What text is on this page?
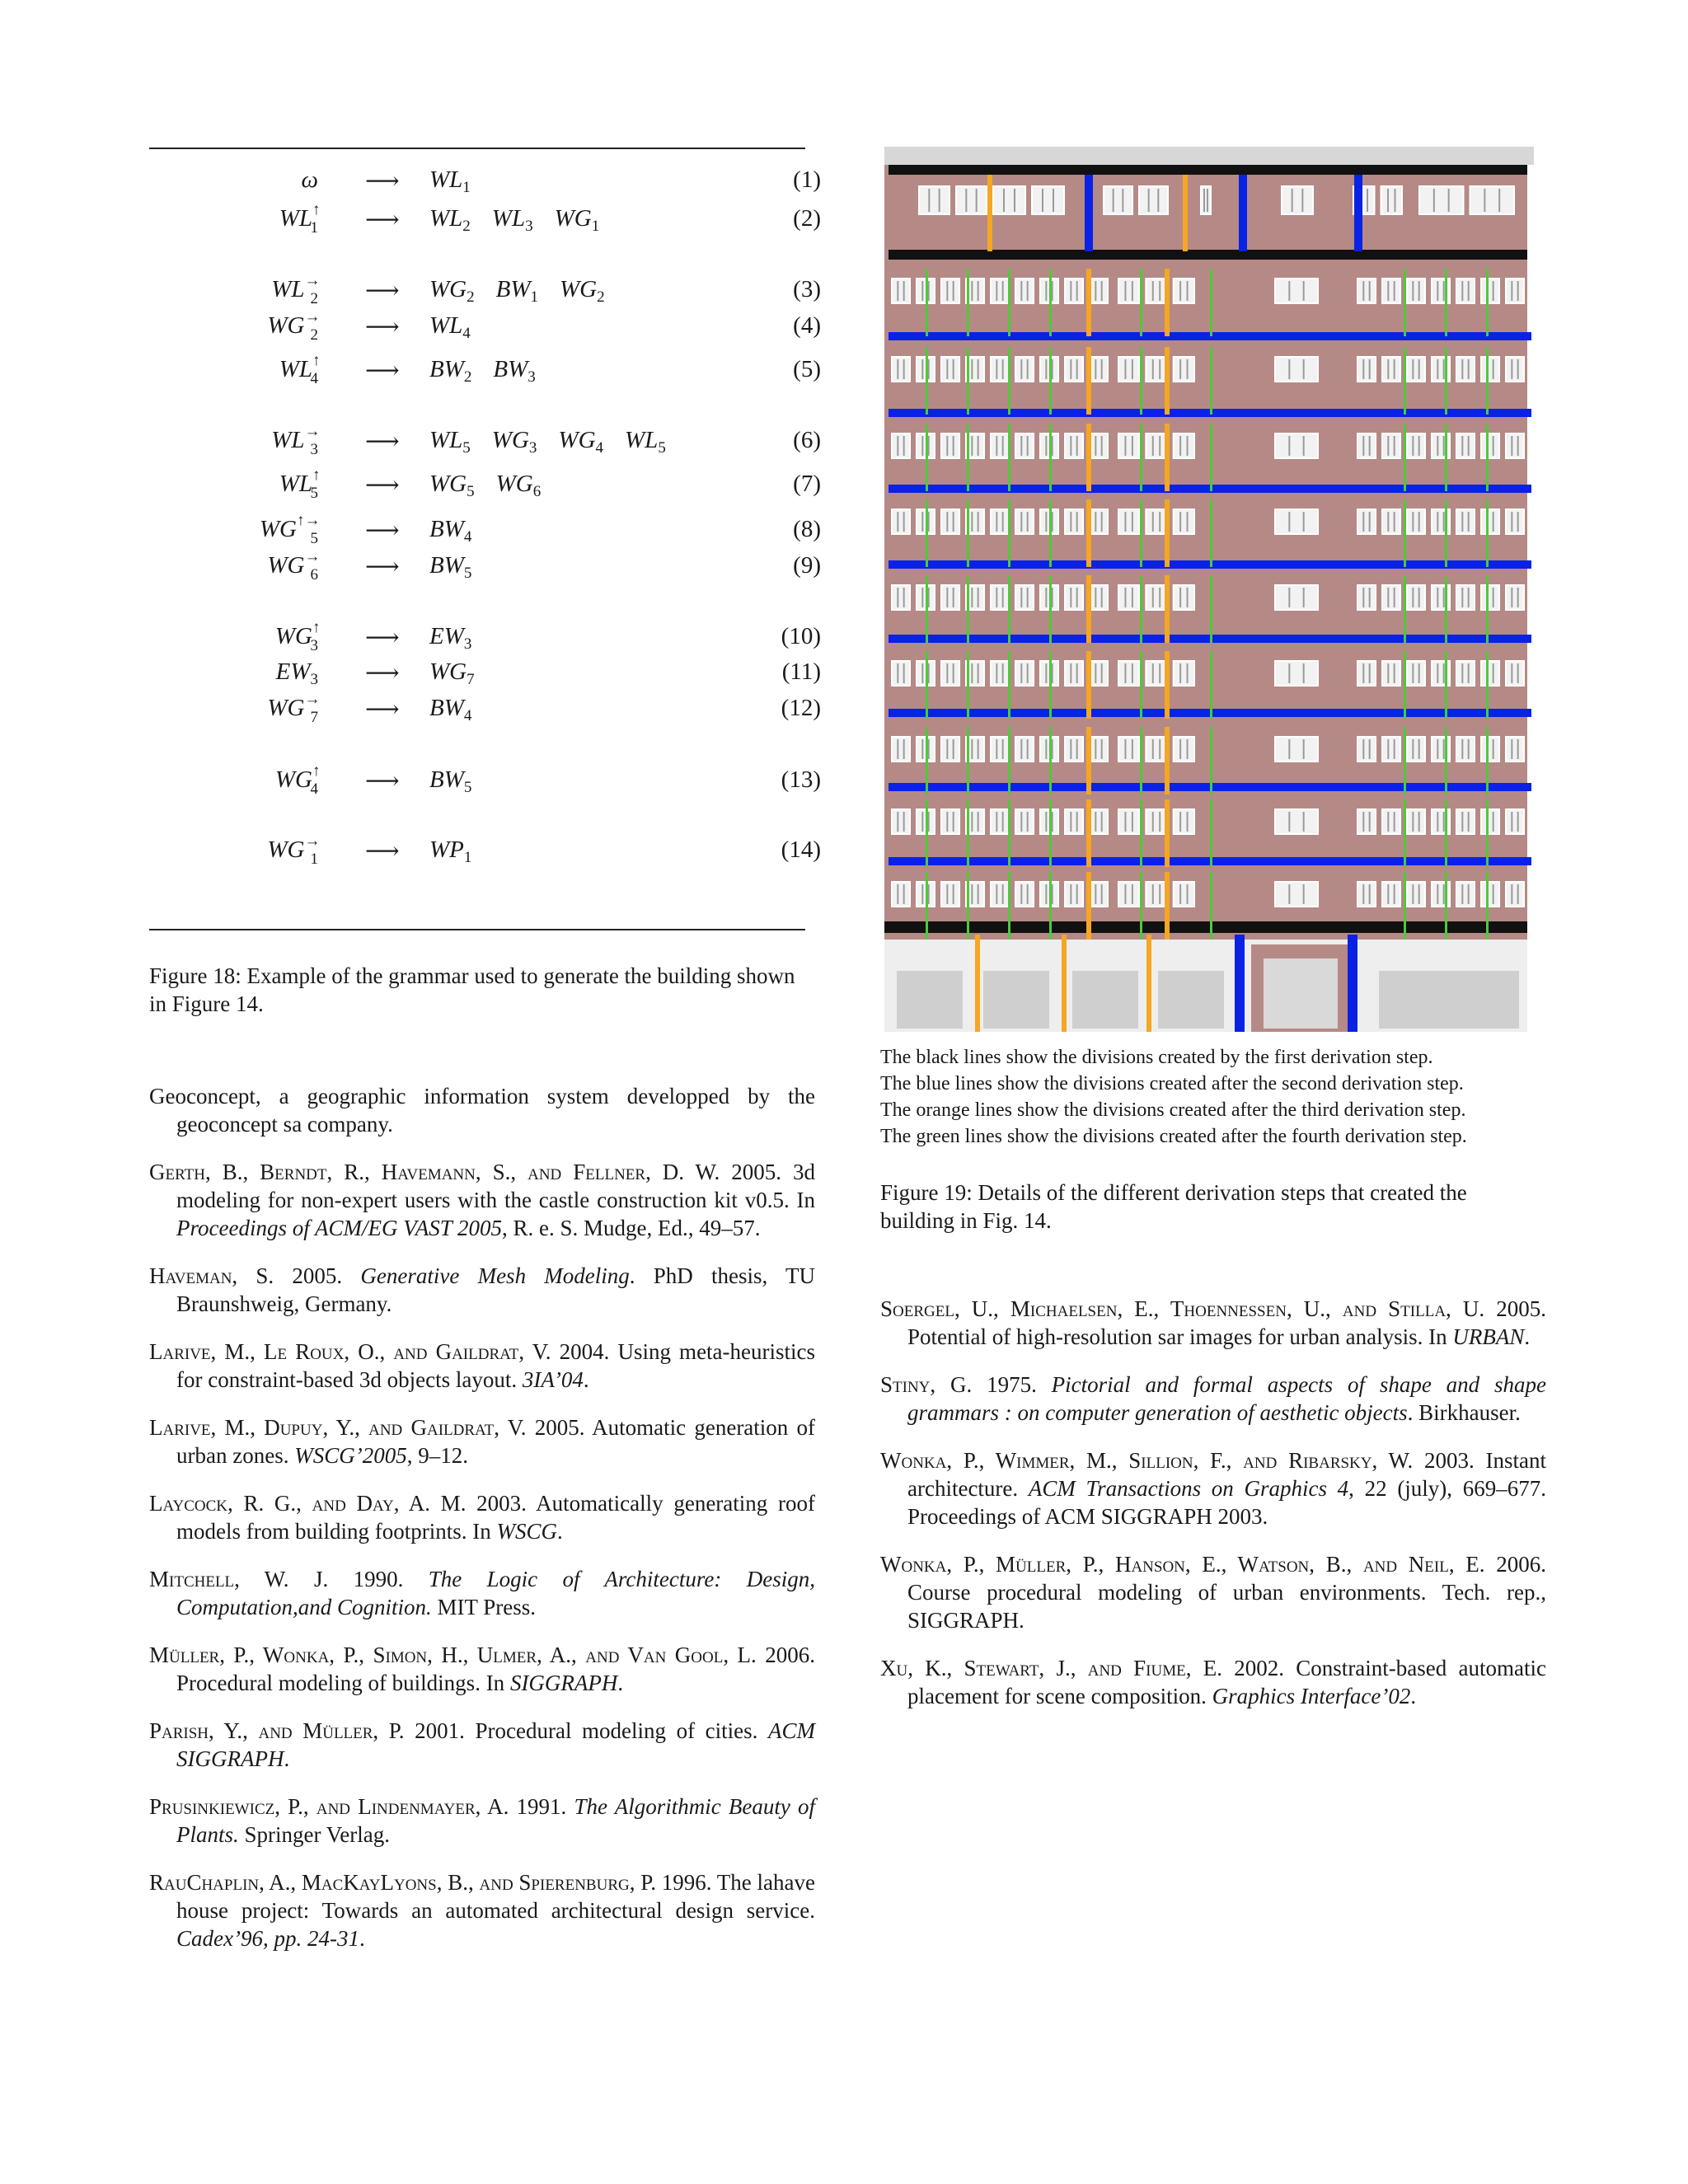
ω ⟶ $WL_1$	(1)
$WL^↑_1$ ⟶ $WL_2$ $WL_3$ $WG_1$	(2)
$WL^\to_2$ ⟶ $WG_2$ $BW_1$ $WG_2$	(3)
$WG^\to_2$ ⟶ $WL_4$	(4)
$WL^↑_4$ ⟶ $BW_2$ $BW_3$	(5)
$WL^\to_3$ ⟶ $WL_5$ $WG_3$ $WG_4$ $WL_5$	(6)
$WL^↑_5$ ⟶ $WG_5$ $WG_6$	(7)
$WG^{↑\to}_5$ ⟶ $BW_4$	(8)
$WG^\to_6$ ⟶ $BW_5$	(9)
$WG^↑_3$ ⟶ $EW_3$	(10)
$EW_3$ ⟶ $WG_7$	(11)
$WG^\to_7$ ⟶ $BW_4$	(12)
$WG^↑_4$ ⟶ $BW_5$	(13)
$WG^\to_1$ ⟶ $WP_1$	(14)
Figure 18: Example of the grammar used to generate the building shown in Figure 14.
The black lines show the divisions created by the first derivation step.
The blue lines show the divisions created after the second derivation step.
The orange lines show the divisions created after the third derivation step.
The green lines show the divisions created after the fourth derivation step.
Figure 19: Details of the different derivation steps that created the building in Fig. 14.

Geoconcept, a geographic information system developped by the geoconcept sa company.

Gerth, B., Berndt, R., Havemann, S., and Fellner, D. W. 2005. 3d modeling for non-expert users with the castle construction kit v0.5. In Proceedings of ACM/EG VAST 2005, R. e. S. Mudge, Ed., 49–57.

Haveman, S. 2005. Generative Mesh Modeling. PhD thesis, TU Braunshweig, Germany.

Larive, M., Le Roux, O., and Gaildrat, V. 2004. Using meta-heuristics for constraint-based 3d objects layout. 3IA’04.

Larive, M., Dupuy, Y., and Gaildrat, V. 2005. Automatic generation of urban zones. WSCG’2005, 9–12.

Laycock, R. G., and Day, A. M. 2003. Automatically generating roof models from building footprints. In WSCG.

Mitchell, W. J. 1990. The Logic of Architecture: Design, Computation,and Cognition. MIT Press.

Müller, P., Wonka, P., Simon, H., Ulmer, A., and Van Gool, L. 2006. Procedural modeling of buildings. In SIGGRAPH.

Parish, Y., and Müller, P. 2001. Procedural modeling of cities. ACM SIGGRAPH.

Prusinkiewicz, P., and Lindenmayer, A. 1991. The Algorithmic Beauty of Plants. Springer Verlag.

RauChaplin, A., MacKayLyons, B., and Spierenburg, P. 1996. The lahave house project: Towards an automated architectural design service. Cadex’96, pp. 24-31.

Soergel, U., Michaelsen, E., Thoennessen, U., and Stilla, U. 2005. Potential of high-resolution sar images for urban analysis. In URBAN.

Stiny, G. 1975. Pictorial and formal aspects of shape and shape grammars : on computer generation of aesthetic objects. Birkhauser.

Wonka, P., Wimmer, M., Sillion, F., and Ribarsky, W. 2003. Instant architecture. ACM Transactions on Graphics 4, 22 (july), 669–677. Proceedings of ACM SIGGRAPH 2003.

Wonka, P., Müller, P., Hanson, E., Watson, B., and Neil, E. 2006. Course procedural modeling of urban environments. Tech. rep., SIGGRAPH.

Xu, K., Stewart, J., and Fiume, E. 2002. Constraint-based automatic placement for scene composition. Graphics Interface’02.
